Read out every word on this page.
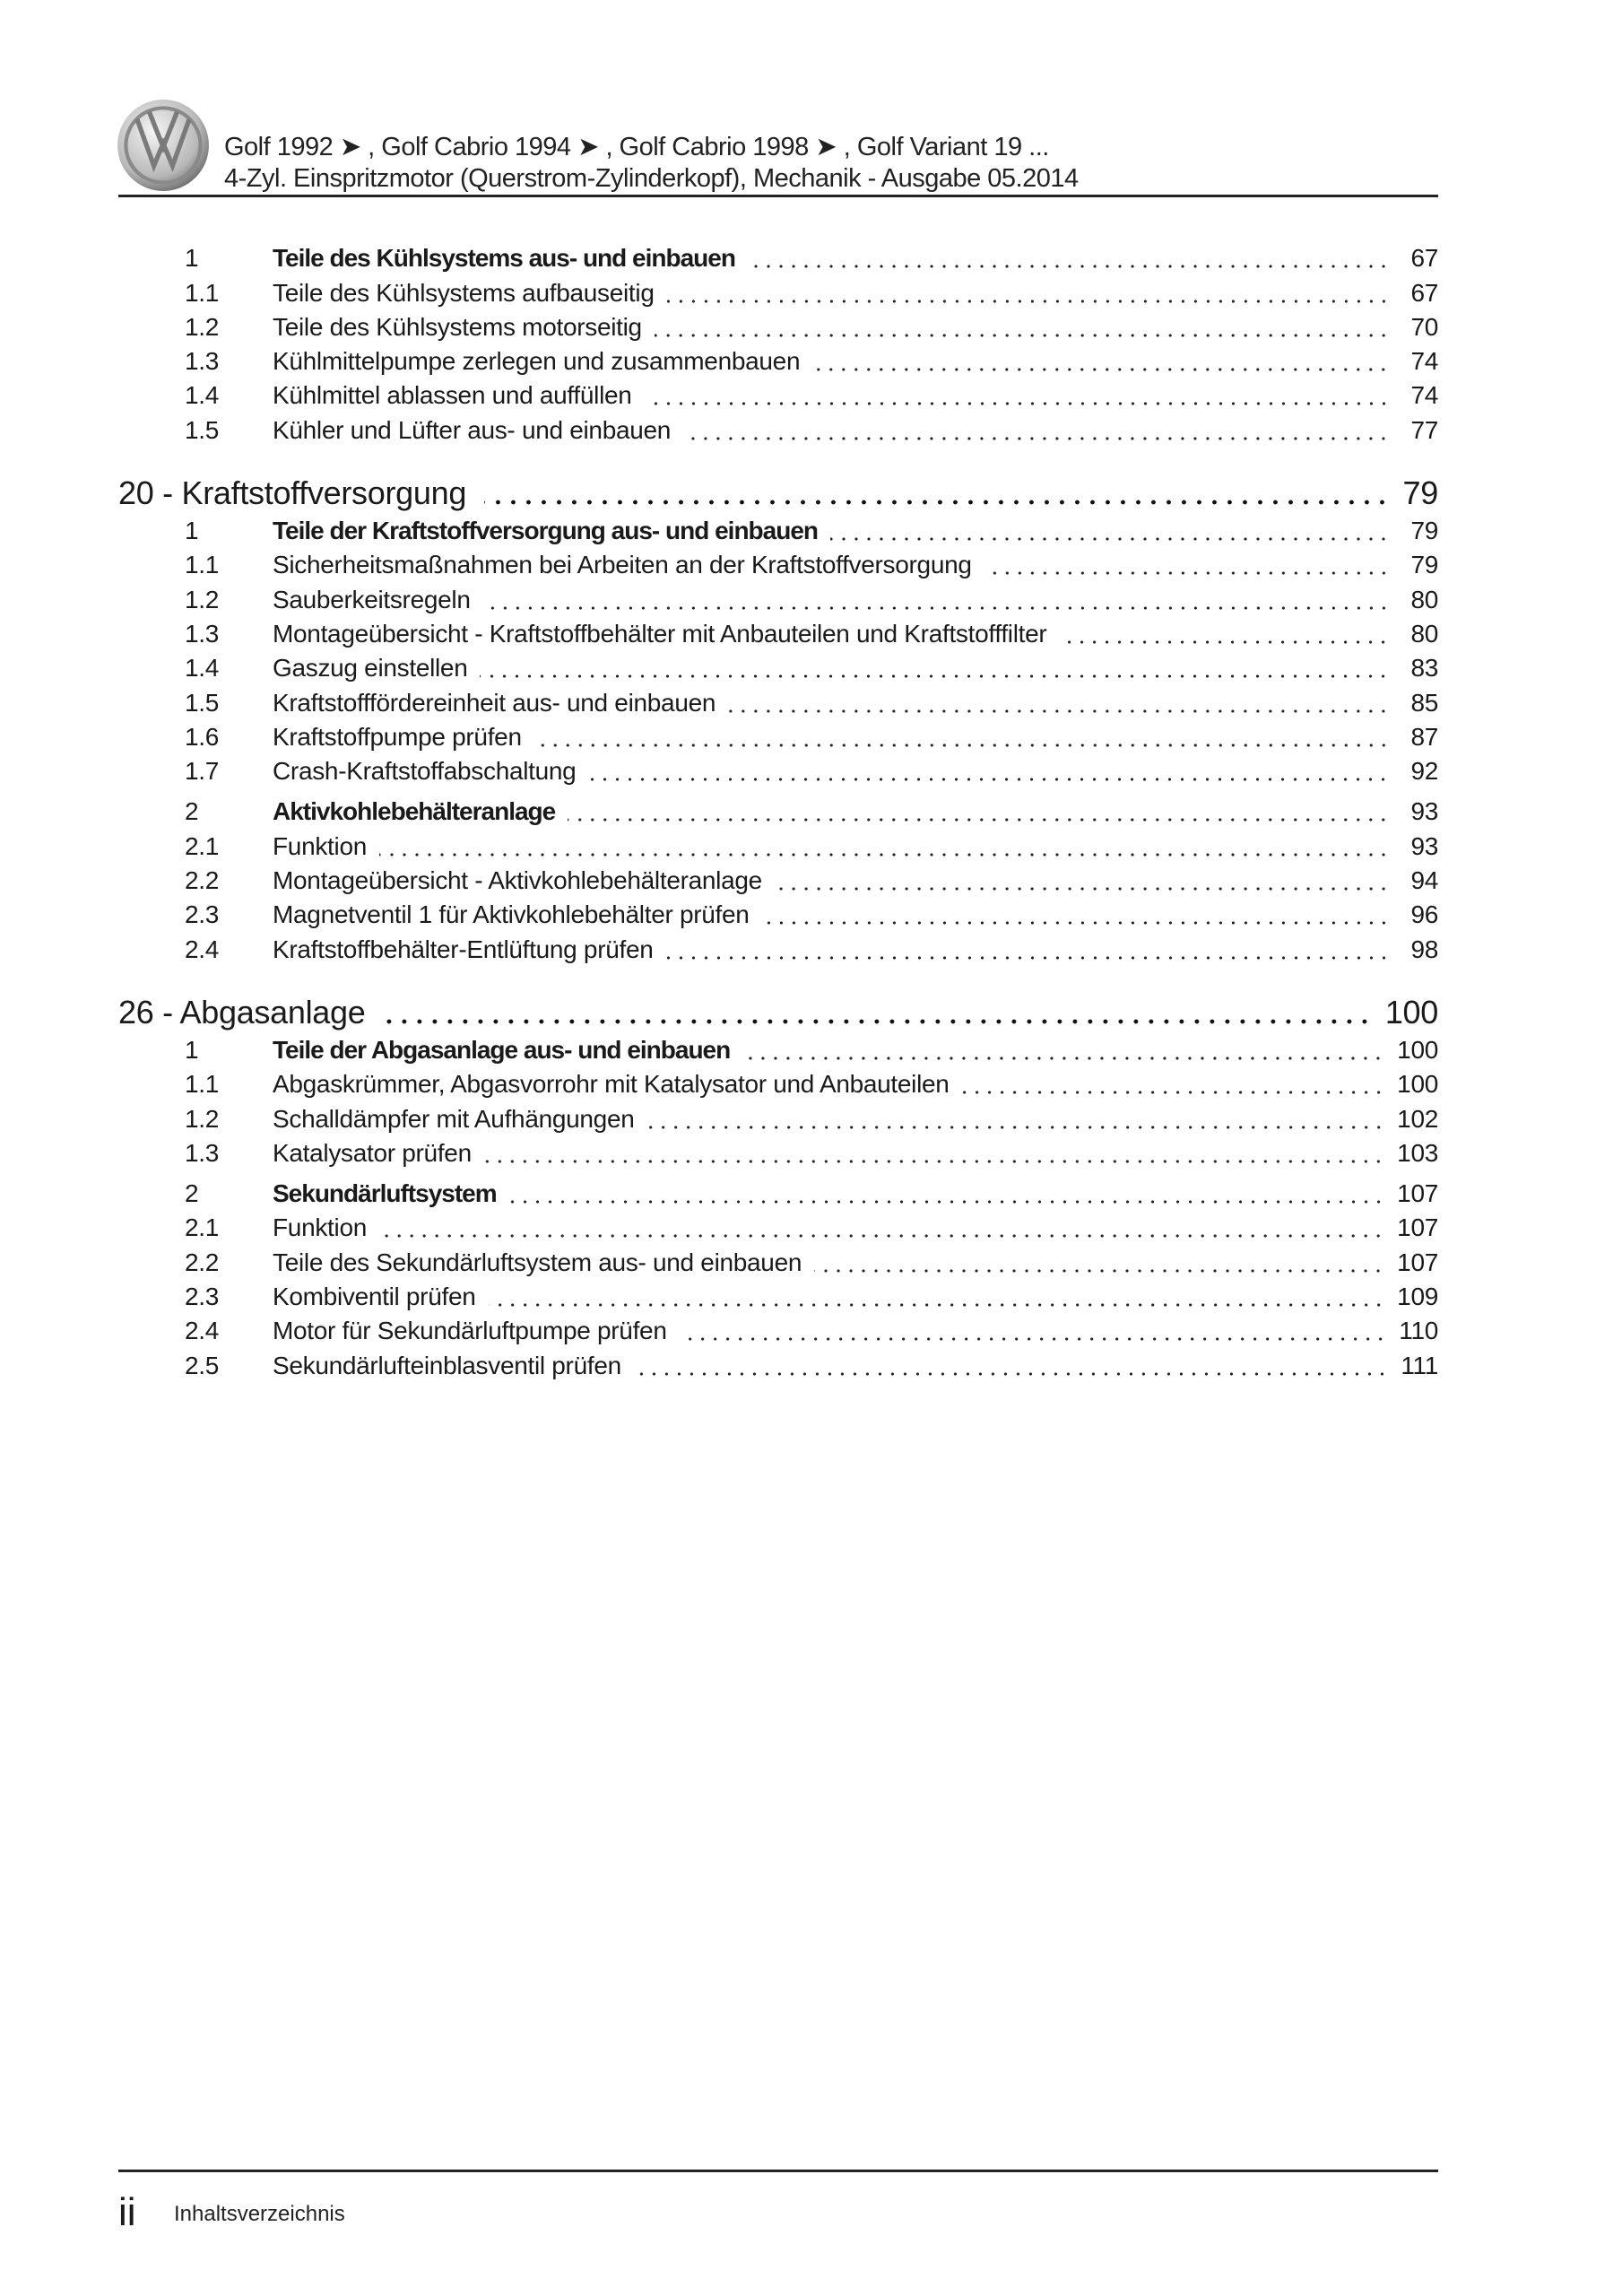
Golf 1992 ➤ , Golf Cabrio 1994 ➤ , Golf Cabrio 1998 ➤ , Golf Variant 19 ...
4-Zyl. Einspritzmotor (Querstrom-Zylinderkopf), Mechanik - Ausgabe 05.2014
1	Teile des Kühlsystems aus- und einbauen	67
1.1	Teile des Kühlsystems aufbauseitig	67
1.2	Teile des Kühlsystems motorseitig	70
1.3	Kühlmittelpumpe zerlegen und zusammenbauen	74
1.4	Kühlmittel ablassen und auffüllen	74
1.5	Kühler und Lüfter aus- und einbauen	77
20 - Kraftstoffversorgung	79
1	Teile der Kraftstoffversorgung aus- und einbauen	79
1.1	Sicherheitsmaßnahmen bei Arbeiten an der Kraftstoffversorgung	79
1.2	Sauberkeitsregeln	80
1.3	Montageübersicht - Kraftstoffbehälter mit Anbauteilen und Kraftstofffilter	80
1.4	Gaszug einstellen	83
1.5	Kraftstofffördereinheit aus- und einbauen	85
1.6	Kraftstoffpumpe prüfen	87
1.7	Crash-Kraftstoffabschaltung	92
2	Aktivkohlebehälteranlage	93
2.1	Funktion	93
2.2	Montageübersicht - Aktivkohlebehälteranlage	94
2.3	Magnetventil 1 für Aktivkohlebehälter prüfen	96
2.4	Kraftstoffbehälter-Entlüftung prüfen	98
26 - Abgasanlage	100
1	Teile der Abgasanlage aus- und einbauen	100
1.1	Abgaskrümmer, Abgasvorrohr mit Katalysator und Anbauteilen	100
1.2	Schalldämpfer mit Aufhängungen	102
1.3	Katalysator prüfen	103
2	Sekundärluftsystem	107
2.1	Funktion	107
2.2	Teile des Sekundärluftsystem aus- und einbauen	107
2.3	Kombiventil prüfen	109
2.4	Motor für Sekundärluftpumpe prüfen	110
2.5	Sekundärlufteinblasventil prüfen	111
ii Inhaltsverzeichnis
